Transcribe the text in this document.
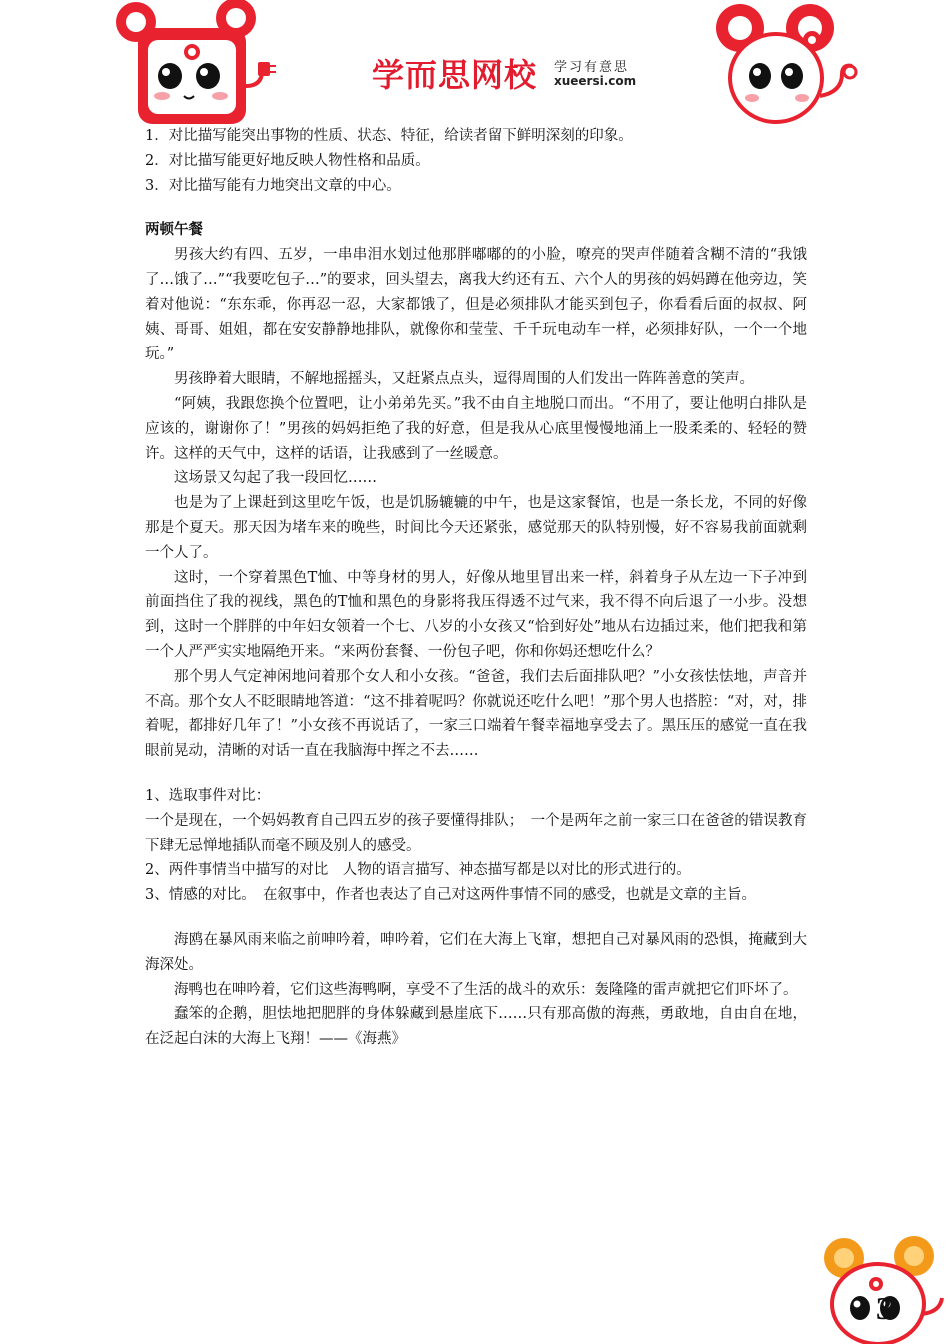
学而思网校 学习有意思
xueersi.com

1．对比描写能突出事物的性质、状态、特征，给读者留下鲜明深刻的印象。

2．对比描写能更好地反映人物性格和品质。

3．对比描写能有力地突出文章的中心。

两顿午餐

男孩大约有四、五岁，一串串泪水划过他那胖嘟嘟的的小脸，嘹亮的哭声伴随着含糊不清的“我饿了…饿了…”“我要吃包子…”的要求，回头望去，离我大约还有五、六个人的男孩的妈妈蹲在他旁边，笑着对他说：“东东乖，你再忍一忍，大家都饿了，但是必须排队才能买到包子，你看看后面的叔叔、阿姨、哥哥、姐姐，都在安安静静地排队，就像你和莹莹、千千玩电动车一样，必须排好队，一个一个地玩。”

男孩睁着大眼睛，不解地摇摇头，又赶紧点点头，逗得周围的人们发出一阵阵善意的笑声。

“阿姨，我跟您换个位置吧，让小弟弟先买。”我不由自主地脱口而出。“不用了，要让他明白排队是应该的，谢谢你了！”男孩的妈妈拒绝了我的好意，但是我从心底里慢慢地涌上一股柔柔的、轻轻的赞许。这样的天气中，这样的话语，让我感到了一丝暖意。

这场景又勾起了我一段回忆……

也是为了上课赶到这里吃午饭，也是饥肠辘辘的中午，也是这家餐馆，也是一条长龙，不同的好像那是个夏天。那天因为堵车来的晚些，时间比今天还紧张，感觉那天的队特别慢，好不容易我前面就剩一个人了。

这时，一个穿着黑色T恤、中等身材的男人，好像从地里冒出来一样，斜着身子从左边一下子冲到前面挡住了我的视线，黑色的T恤和黑色的身影将我压得透不过气来，我不得不向后退了一小步。没想到，这时一个胖胖的中年妇女领着一个七、八岁的小女孩又“恰到好处”地从右边插过来，他们把我和第一个人严严实实地隔绝开来。“来两份套餐、一份包子吧，你和你妈还想吃什么？

那个男人气定神闲地问着那个女人和小女孩。“爸爸，我们去后面排队吧？”小女孩怯怯地，声音并不高。那个女人不眨眼睛地答道：“这不排着呢吗？你就说还吃什么吧！”那个男人也搭腔：“对，对，排着呢，都排好几年了！”小女孩不再说话了，一家三口端着午餐幸福地享受去了。黑压压的感觉一直在我眼前晃动，清晰的对话一直在我脑海中挥之不去……

1、选取事件对比：

一个是现在，一个妈妈教育自己四五岁的孩子要懂得排队；　一个是两年之前一家三口在爸爸的错误教育下肆无忌惮地插队而毫不顾及别人的感受。

2、两件事情当中描写的对比　人物的语言描写、神态描写都是以对比的形式进行的。

3、情感的对比。　在叙事中，作者也表达了自己对这两件事情不同的感受，也就是文章的主旨。

海鸥在暴风雨来临之前呻吟着，呻吟着，它们在大海上飞窜，想把自己对暴风雨的恐惧，掩藏到大海深处。

海鸭也在呻吟着，它们这些海鸭啊，享受不了生活的战斗的欢乐：轰隆隆的雷声就把它们吓坏了。

蠢笨的企鹅，胆怯地把肥胖的身体躲藏到悬崖底下……只有那高傲的海燕，勇敢地，自由自在地，在泛起白沫的大海上飞翔！——《海燕》

3
